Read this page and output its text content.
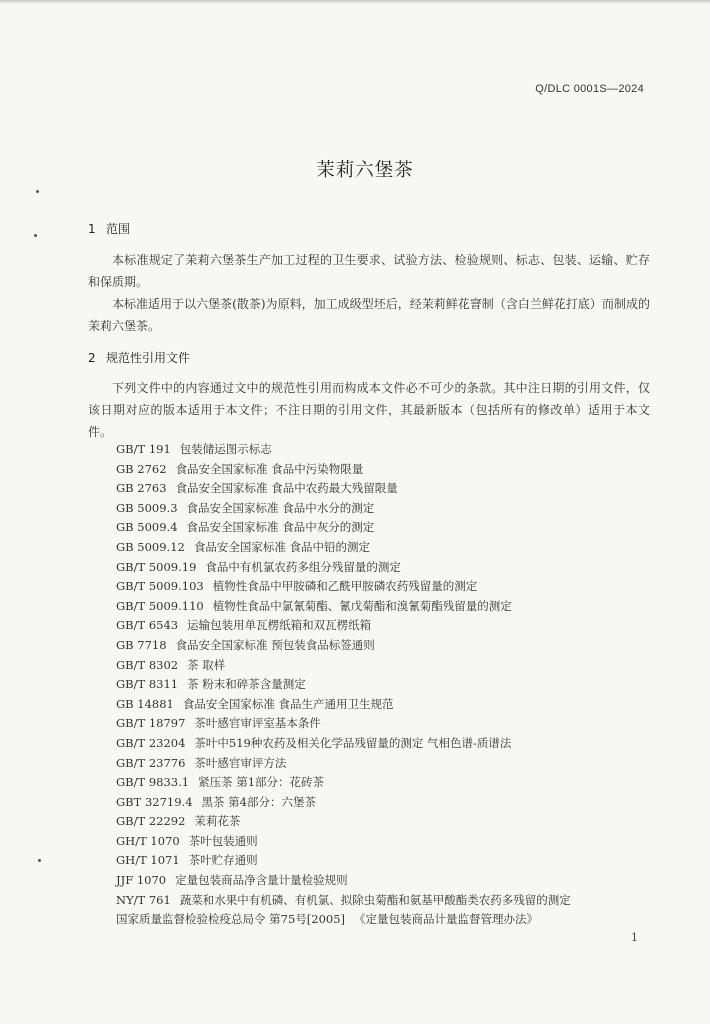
Q/DLC 0001S—2024
茉莉六堡茶
1 范围
本标准规定了茉莉六堡茶生产加工过程的卫生要求、试验方法、检验规则、标志、包装、运输、贮存和保质期。
本标准适用于以六堡茶(散茶)为原料，加工成级型坯后，经茉莉鲜花窨制（含白兰鲜花打底）而制成的茉莉六堡茶。
2 规范性引用文件
下列文件中的内容通过文中的规范性引用而构成本文件必不可少的条款。其中注日期的引用文件，仅该日期对应的版本适用于本文件；不注日期的引用文件，其最新版本（包括所有的修改单）适用于本文件。
GB/T 191 包装储运图示标志
GB 2762 食品安全国家标准 食品中污染物限量
GB 2763 食品安全国家标准 食品中农药最大残留限量
GB 5009.3 食品安全国家标准 食品中水分的测定
GB 5009.4 食品安全国家标准 食品中灰分的测定
GB 5009.12 食品安全国家标准 食品中铅的测定
GB/T 5009.19 食品中有机氯农药多组分残留量的测定
GB/T 5009.103 植物性食品中甲胺磷和乙酰甲胺磷农药残留量的测定
GB/T 5009.110 植物性食品中氯氰菊酯、氰戊菊酯和溴氰菊酯残留量的测定
GB/T 6543 运输包装用单瓦楞纸箱和双瓦楞纸箱
GB 7718 食品安全国家标准 预包装食品标签通则
GB/T 8302 茶 取样
GB/T 8311 茶 粉末和碎茶含量测定
GB 14881 食品安全国家标准 食品生产通用卫生规范
GB/T 18797 茶叶感官审评室基本条件
GB/T 23204 茶叶中519种农药及相关化学品残留量的测定 气相色谱-质谱法
GB/T 23776 茶叶感官审评方法
GB/T 9833.1 紧压茶 第1部分：花砖茶
GBT 32719.4 黑茶 第4部分：六堡茶
GB/T 22292 茉莉花茶
GH/T 1070 茶叶包装通则
GH/T 1071 茶叶贮存通则
JJF 1070 定量包装商品净含量计量检验规则
NY/T 761 蔬菜和水果中有机磷、有机氯、拟除虫菊酯和氨基甲酸酯类农药多残留的测定
国家质量监督检验检疫总局令 第75号[2005] 《定量包装商品计量监督管理办法》
1
